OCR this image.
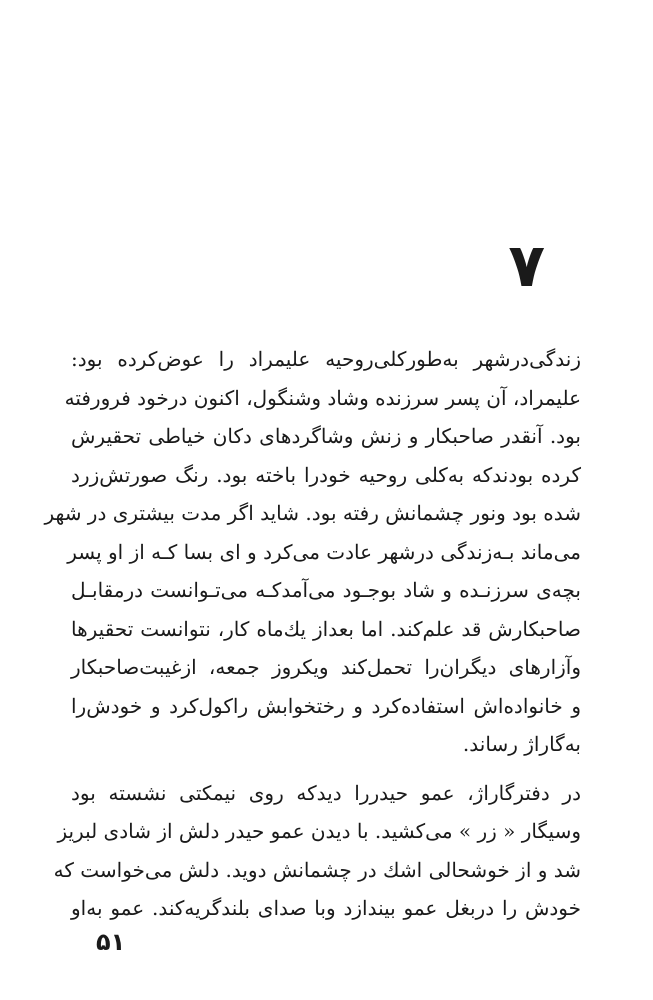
۷
زندگی‌درشهر به‌طورکلی‌روحیه علیمراد را عوض‌کرده بود:
علیمراد، آن پسر سرزنده وشاد وشنگول، اکنون درخود فرورفته
بود. آنقدر صاحبکار و زنش وشاگردهای دکان خیاطی تحقیرش
کرده بودندکه به‌کلی روحیه خودرا باخته بود. رنگ صورتش‌زرد
شده بود ونور چشمانش رفته بود. شاید اگر مدت بیشتری در شهر
می‌ماند بـه‌زندگی درشهر عادت می‌کرد و ای بسا کـه از او پسر
بچه‌ی سرزنـده و شاد بوجـود می‌آمدکـه می‌تـوانست درمقابـل
صاحبکارش قد علم‌کند. اما بعداز یك‌ماه کار، نتوانست تحقیرها
وآزارهای دیگران‌را تحمل‌کند ویکروز جمعه، ازغیبت‌صاحبکار
و خانواده‌اش استفاده‌کرد و رختخوابش راکول‌کرد و خودش‌را
به‌گاراژ رساند.
در دفترگاراژ، عمو حیدررا دیدکه روی نیمکتی نشسته بود
وسیگار « زر » می‌کشید. با دیدن عمو حیدر دلش از شادی لبریز
شد و از خوشحالی اشك در چشمانش دوید. دلش می‌خواست که
خودش را دربغل عمو بیندازد وبا صدای بلندگریه‌کند. عمو به‌او
۵۱
